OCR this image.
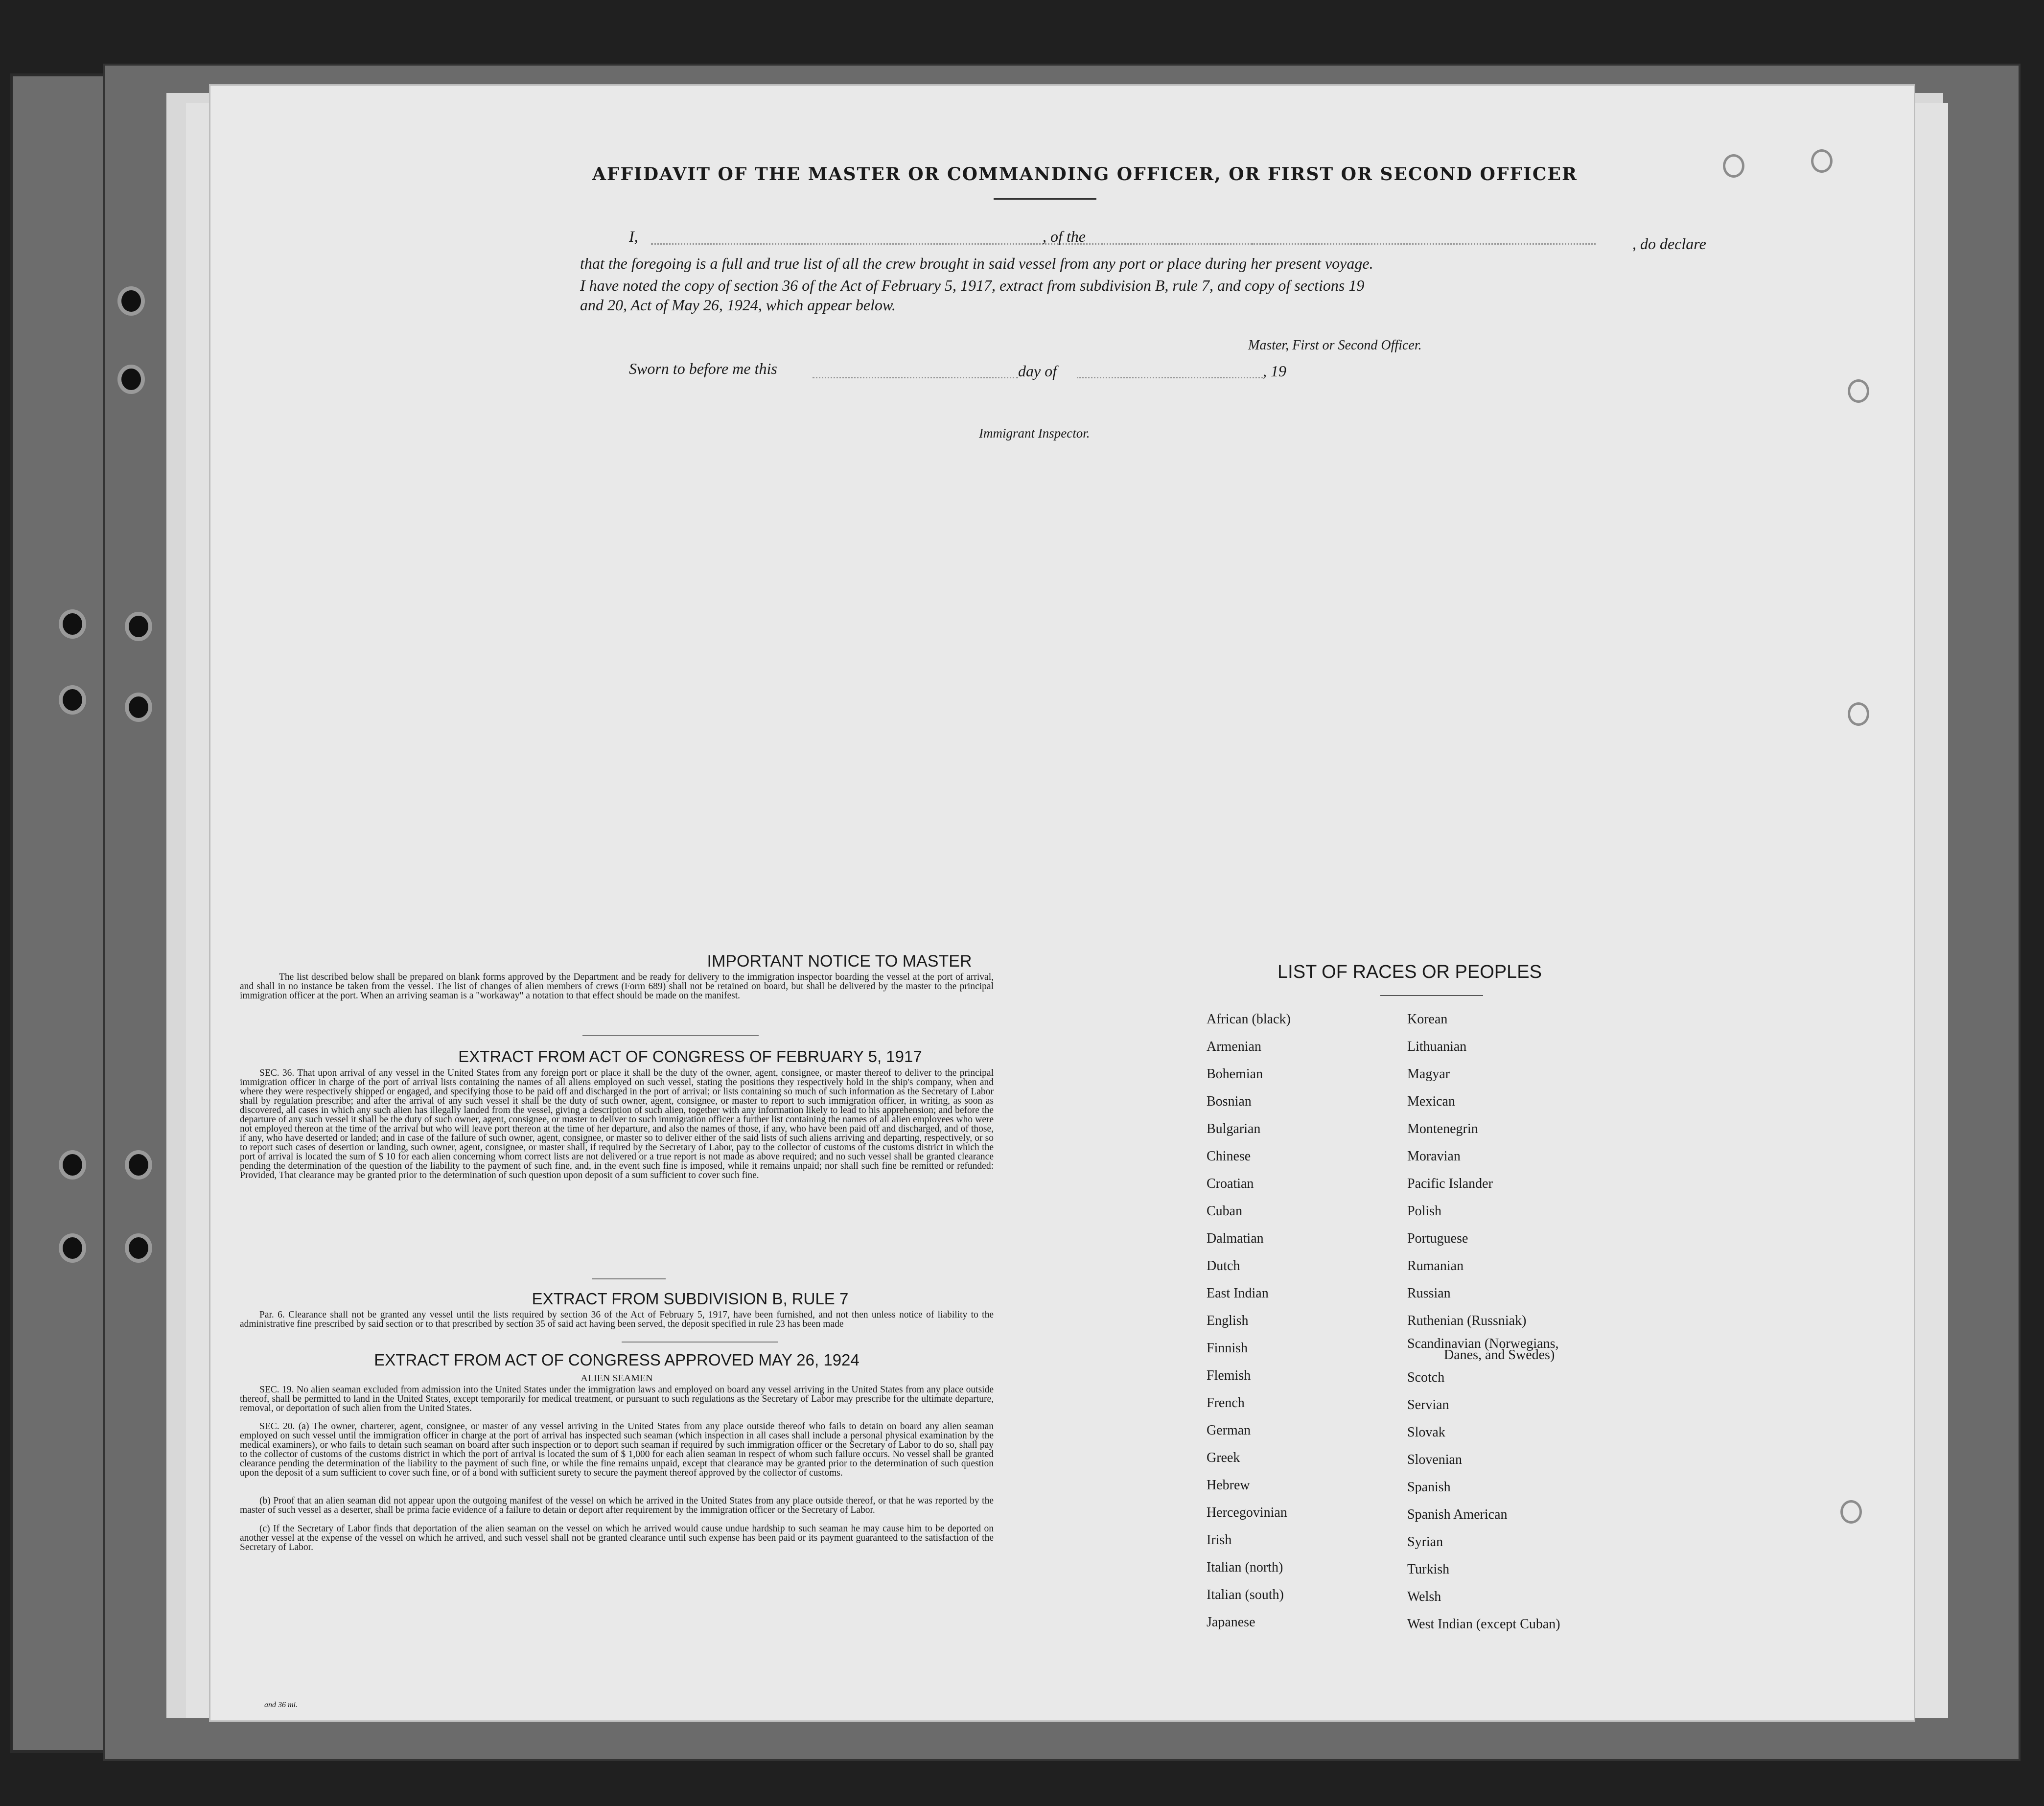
AFFIDAVIT OF THE MASTER OR COMMANDING OFFICER, OR FIRST OR SECOND OFFICER
I,	, of the	, do declare
that the foregoing is a full and true list of all the crew brought in said vessel from any port or place during her present voyage.
I have noted the copy of section 36 of the Act of February 5, 1917, extract from subdivision B, rule 7, and copy of sections 19
and 20, Act of May 26, 1924, which appear below.
Master, First or Second Officer.
Sworn to before me this	day of	, 19
Immigrant Inspector.
IMPORTANT NOTICE TO MASTER
The list described below shall be prepared on blank forms approved by the Department and be ready for delivery to the immigration inspector boarding the vessel at the port of arrival, and shall in no instance be taken from the vessel. The list of changes of alien members of crews (Form 689) shall not be retained on board, but shall be delivered by the master to the principal immigration officer at the port. When an arriving seaman is a "workaway" a notation to that effect should be made on the manifest.
EXTRACT FROM ACT OF CONGRESS OF FEBRUARY 5, 1917
SEC. 36. That upon arrival of any vessel in the United States from any foreign port or place it shall be the duty of the owner, agent, consignee, or master thereof to deliver to the principal immigration officer in charge of the port of arrival lists containing the names of all aliens employed on such vessel, stating the positions they respectively hold in the ship's company, when and where they were respectively shipped or engaged, and specifying those to be paid off and discharged in the port of arrival; or lists containing so much of such information as the Secretary of Labor shall by regulation prescribe; and after the arrival of any such vessel it shall be the duty of such owner, agent, consignee, or master to report to such immigration officer, in writing, as soon as discovered, all cases in which any such alien has illegally landed from the vessel, giving a description of such alien, together with any information likely to lead to his apprehension; and before the departure of any such vessel it shall be the duty of such owner, agent, consignee, or master to deliver to such immigration officer a further list containing the names of all alien employees who were not employed thereon at the time of the arrival but who will leave port thereon at the time of her departure, and also the names of those, if any, who have been paid off and discharged, and of those, if any, who have deserted or landed; and in case of the failure of such owner, agent, consignee, or master so to deliver either of the said lists of such aliens arriving and departing, respectively, or so to report such cases of desertion or landing, such owner, agent, consignee, or master shall, if required by the Secretary of Labor, pay to the collector of customs of the customs district in which the port of arrival is located the sum of $ 10 for each alien concerning whom correct lists are not delivered or a true report is not made as above required; and no such vessel shall be granted clearance pending the determination of the question of the liability to the payment of such fine, and, in the event such fine is imposed, while it remains unpaid; nor shall such fine be remitted or refunded: Provided, That clearance may be granted prior to the determination of such question upon deposit of a sum sufficient to cover such fine.
EXTRACT FROM SUBDIVISION B, RULE 7
Par. 6. Clearance shall not be granted any vessel until the lists required by section 36 of the Act of February 5, 1917, have been furnished, and not then unless notice of liability to the administrative fine prescribed by said section or to that prescribed by section 35 of said act having been served, the deposit specified in rule 23 has been made
EXTRACT FROM ACT OF CONGRESS APPROVED MAY 26, 1924
ALIEN SEAMEN
SEC. 19. No alien seaman excluded from admission into the United States under the immigration laws and employed on board any vessel arriving in the United States from any place outside thereof, shall be permitted to land in the United States, except temporarily for medical treatment, or pursuant to such regulations as the Secretary of Labor may prescribe for the ultimate departure, removal, or deportation of such alien from the United States.
SEC. 20. (a) The owner, charterer, agent, consignee, or master of any vessel arriving in the United States from any place outside thereof who fails to detain on board any alien seaman employed on such vessel until the immigration officer in charge at the port of arrival has inspected such seaman (which inspection in all cases shall include a personal physical examination by the medical examiners), or who fails to detain such seaman on board after such inspection or to deport such seaman if required by such immigration officer or the Secretary of Labor to do so, shall pay to the collector of customs of the customs district in which the port of arrival is located the sum of $ 1,000 for each alien seaman in respect of whom such failure occurs. No vessel shall be granted clearance pending the determination of the liability to the payment of such fine, or while the fine remains unpaid, except that clearance may be granted prior to the determination of such question upon the deposit of a sum sufficient to cover such fine, or of a bond with sufficient surety to secure the payment thereof approved by the collector of customs.
(b) Proof that an alien seaman did not appear upon the outgoing manifest of the vessel on which he arrived in the United States from any place outside thereof, or that he was reported by the master of such vessel as a deserter, shall be prima facie evidence of a failure to detain or deport after requirement by the immigration officer or the Secretary of Labor.
(c) If the Secretary of Labor finds that deportation of the alien seaman on the vessel on which he arrived would cause undue hardship to such seaman he may cause him to be deported on another vessel at the expense of the vessel on which he arrived, and such vessel shall not be granted clearance until such expense has been paid or its payment guaranteed to the satisfaction of the Secretary of Labor.
LIST OF RACES OR PEOPLES
African (black)
Armenian
Bohemian
Bosnian
Bulgarian
Chinese
Croatian
Cuban
Dalmatian
Dutch
East Indian
English
Finnish
Flemish
French
German
Greek
Hebrew
Hercegovinian
Irish
Italian (north)
Italian (south)
Japanese
Korean
Lithuanian
Magyar
Mexican
Montenegrin
Moravian
Pacific Islander
Polish
Portuguese
Rumanian
Russian
Ruthenian (Russniak)
Scandinavian (Norwegians,
Scotch
Servian
Slovak
Slovenian
Spanish
Spanish American
Syrian
Turkish
Welsh
West Indian (except Cuban)
Danes, and Swedes)
and 36 ml.
